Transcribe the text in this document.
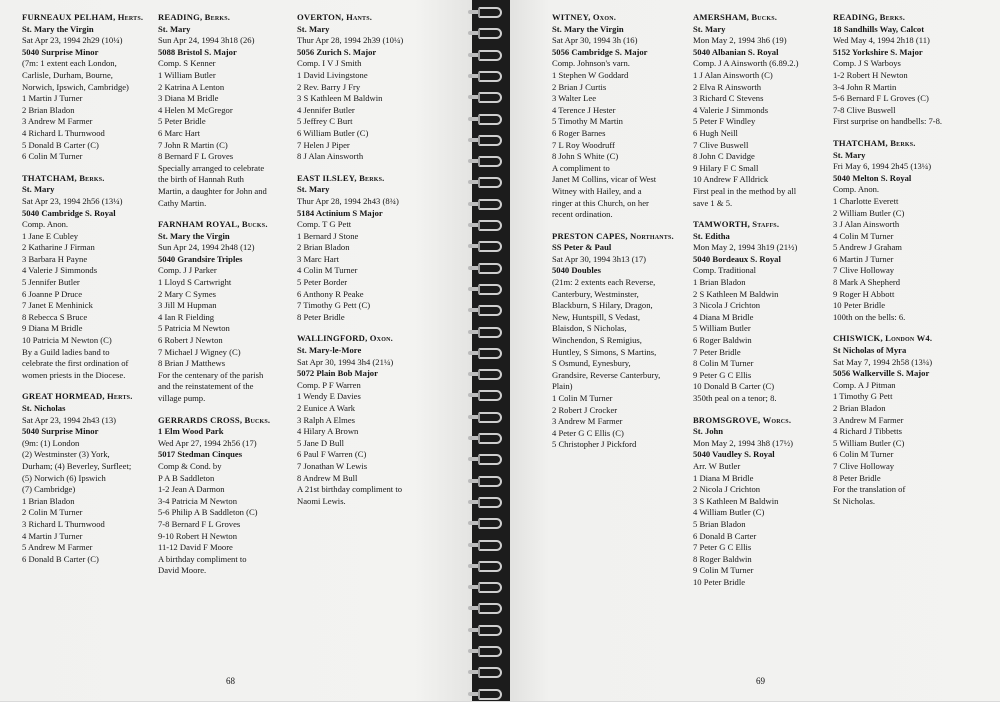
FURNEAUX PELHAM, Herts.
St. Mary the Virgin
Sat Apr 23, 1994 2h29 (10¼)
5040 Surprise Minor
(7m: 1 extent each London,
Carlisle, Durham, Bourne,
Norwich, Ipswich, Cambridge)
1 Martin J Turner
2 Brian Bladon
3 Andrew M Farmer
4 Richard L Thurnwood
5 Donald B Carter (C)
6 Colin M Turner
THATCHAM, Berks.
St. Mary
Sat Apr 23, 1994 2h56 (13¼)
5040 Cambridge S. Royal
Comp. Anon.
1 Jane E Cubley
2 Katharine J Firman
3 Barbara H Payne
4 Valerie J Simmonds
5 Jennifer Butler
6 Joanne P Druce
7 Janet E Menhinick
8 Rebecca S Bruce
9 Diana M Bridle
10 Patricia M Newton (C)
By a Guild ladies band to
celebrate the first ordination of
women priests in the Diocese.
GREAT HORMEAD, Herts.
St. Nicholas
Sat Apr 23, 1994 2h43 (13)
5040 Surprise Minor
(9m: (1) London
(2) Westminster (3) York,
Durham; (4) Beverley, Surfleet;
(5) Norwich (6) Ipswich
(7) Cambridge)
1 Brian Bladon
2 Colin M Turner
3 Richard L Thurnwood
4 Martin J Turner
5 Andrew M Farmer
6 Donald B Carter (C)
READING, Berks.
St. Mary
Sun Apr 24, 1994 3h18 (26)
5088 Bristol S. Major
Comp. S Kenner
1 William Butler
2 Katrina A Lenton
3 Diana M Bridle
4 Helen M McGregor
5 Peter Bridle
6 Marc Hart
7 John R Martin (C)
8 Bernard F L Groves
Specially arranged to celebrate
the birth of Hannah Ruth
Martin, a daughter for John and
Cathy Martin.
FARNHAM ROYAL, Bucks.
St. Mary the Virgin
Sun Apr 24, 1994 2h48 (12)
5040 Grandsire Triples
Comp. J J Parker
1 Lloyd S Cartwright
2 Mary C Symes
3 Jill M Hupman
4 Ian R Fielding
5 Patricia M Newton
6 Robert J Newton
7 Michael J Wigney (C)
8 Brian J Matthews
For the centenary of the parish
and the reinstatement of the
village pump.
GERRARDS CROSS, Bucks.
1 Elm Wood Park
Wed Apr 27, 1994 2h56 (17)
5017 Stedman Cinques
Comp & Cond. by
P A B Saddleton
1-2 Jean A Darmon
3-4 Patricia M Newton
5-6 Philip A B Saddleton (C)
7-8 Bernard F L Groves
9-10 Robert H Newton
11-12 David F Moore
A birthday compliment to
David Moore.
OVERTON, Hants.
St. Mary
Thur Apr 28, 1994 2h39 (10¼)
5056 Zurich S. Major
Comp. I V J Smith
1 David Livingstone
2 Rev. Barry J Fry
3 S Kathleen M Baldwin
4 Jennifer Butler
5 Jeffrey C Burt
6 William Butler (C)
7 Helen J Piper
8 J Alan Ainsworth
EAST ILSLEY, Berks.
St. Mary
Thur Apr 28, 1994 2h43 (8¾)
5184 Actinium S Major
Comp. T G Pett
1 Bernard J Stone
2 Brian Bladon
3 Marc Hart
4 Colin M Turner
5 Peter Border
6 Anthony R Peake
7 Timothy G Pett (C)
8 Peter Bridle
WALLINGFORD, Oxon.
St. Mary-le-More
Sat Apr 30, 1994 3h4 (21¼)
5072 Plain Bob Major
Comp. P F Warren
1 Wendy E Davies
2 Eunice A Wark
3 Ralph A Elmes
4 Hilary A Brown
5 Jane D Bull
6 Paul F Warren (C)
7 Jonathan W Lewis
8 Andrew M Bull
A 21st birthday compliment to
Naomi Lewis.
68
WITNEY, Oxon.
St. Mary the Virgin
Sat Apr 30, 1994 3h (16)
5056 Cambridge S. Major
Comp. Johnson's varn.
1 Stephen W Goddard
2 Brian J Curtis
3 Walter Lee
4 Terence J Hester
5 Timothy M Martin
6 Roger Barnes
7 L Roy Woodruff
8 John S White (C)
A compliment to
Janet M Collins, vicar of West
Witney with Hailey, and a
ringer at this Church, on her
recent ordination.
PRESTON CAPES, Northants.
SS Peter & Paul
Sat Apr 30, 1994 3h13 (17)
5040 Doubles
(21m: 2 extents each Reverse,
Canterbury, Westminster,
Blackburn, S Hilary, Dragon,
New, Huntspill, S Vedast,
Blaisdon, S Nicholas,
Winchendon, S Remigius,
Huntley, S Simons, S Martins,
S Osmund, Eynesbury,
Grandsire, Reverse Canterbury,
Plain)
1 Colin M Turner
2 Robert J Crocker
3 Andrew M Farmer
4 Peter G C Ellis (C)
5 Christopher J Pickford
AMERSHAM, Bucks.
St. Mary
Mon May 2, 1994 3h6 (19)
5040 Albanian S. Royal
Comp. J A Ainsworth (6.89.2.)
1 J Alan Ainsworth (C)
2 Elva R Ainsworth
3 Richard C Stevens
4 Valerie J Simmonds
5 Peter F Windley
6 Hugh Neill
7 Clive Buswell
8 John C Davidge
9 Hilary F C Small
10 Andrew F Alldrick
First peal in the method by all
save 1 & 5.
TAMWORTH, Staffs.
St. Editha
Mon May 2, 1994 3h19 (21½)
5040 Bordeaux S. Royal
Comp. Traditional
1 Brian Bladon
2 S Kathleen M Baldwin
3 Nicola J Crichton
4 Diana M Bridle
5 William Butler
6 Roger Baldwin
7 Peter Bridle
8 Colin M Turner
9 Peter G C Ellis
10 Donald B Carter (C)
350th peal on a tenor; 8.
BROMSGROVE, Worcs.
St. John
Mon May 2, 1994 3h8 (17½)
5040 Vaudley S. Royal
Arr. W Butler
1 Diana M Bridle
2 Nicola J Crichton
3 S Kathleen M Baldwin
4 William Butler (C)
5 Brian Bladon
6 Donald B Carter
7 Peter G C Ellis
8 Roger Baldwin
9 Colin M Turner
10 Peter Bridle
READING, Berks.
18 Sandhills Way, Calcot
Wed May 4, 1994 2h18 (11)
5152 Yorkshire S. Major
Comp. J S Warboys
1-2 Robert H Newton
3-4 John R Martin
5-6 Bernard F L Groves (C)
7-8 Clive Buswell
First surprise on handbells: 7-8.
THATCHAM, Berks.
St. Mary
Fri May 6, 1994 2h45 (13¼)
5040 Melton S. Royal
Comp. Anon.
1 Charlotte Everett
2 William Butler (C)
3 J Alan Ainsworth
4 Colin M Turner
5 Andrew J Graham
6 Martin J Turner
7 Clive Holloway
8 Mark A Shepherd
9 Roger H Abbott
10 Peter Bridle
100th on the bells: 6.
CHISWICK, London W4.
St Nicholas of Myra
Sat May 7, 1994 2h58 (13¼)
5056 Walkerville S. Major
Comp. A J Pitman
1 Timothy G Pett
2 Brian Bladon
3 Andrew M Farmer
4 Richard J Tibbetts
5 William Butler (C)
6 Colin M Turner
7 Clive Holloway
8 Peter Bridle
For the translation of
St Nicholas.
69
